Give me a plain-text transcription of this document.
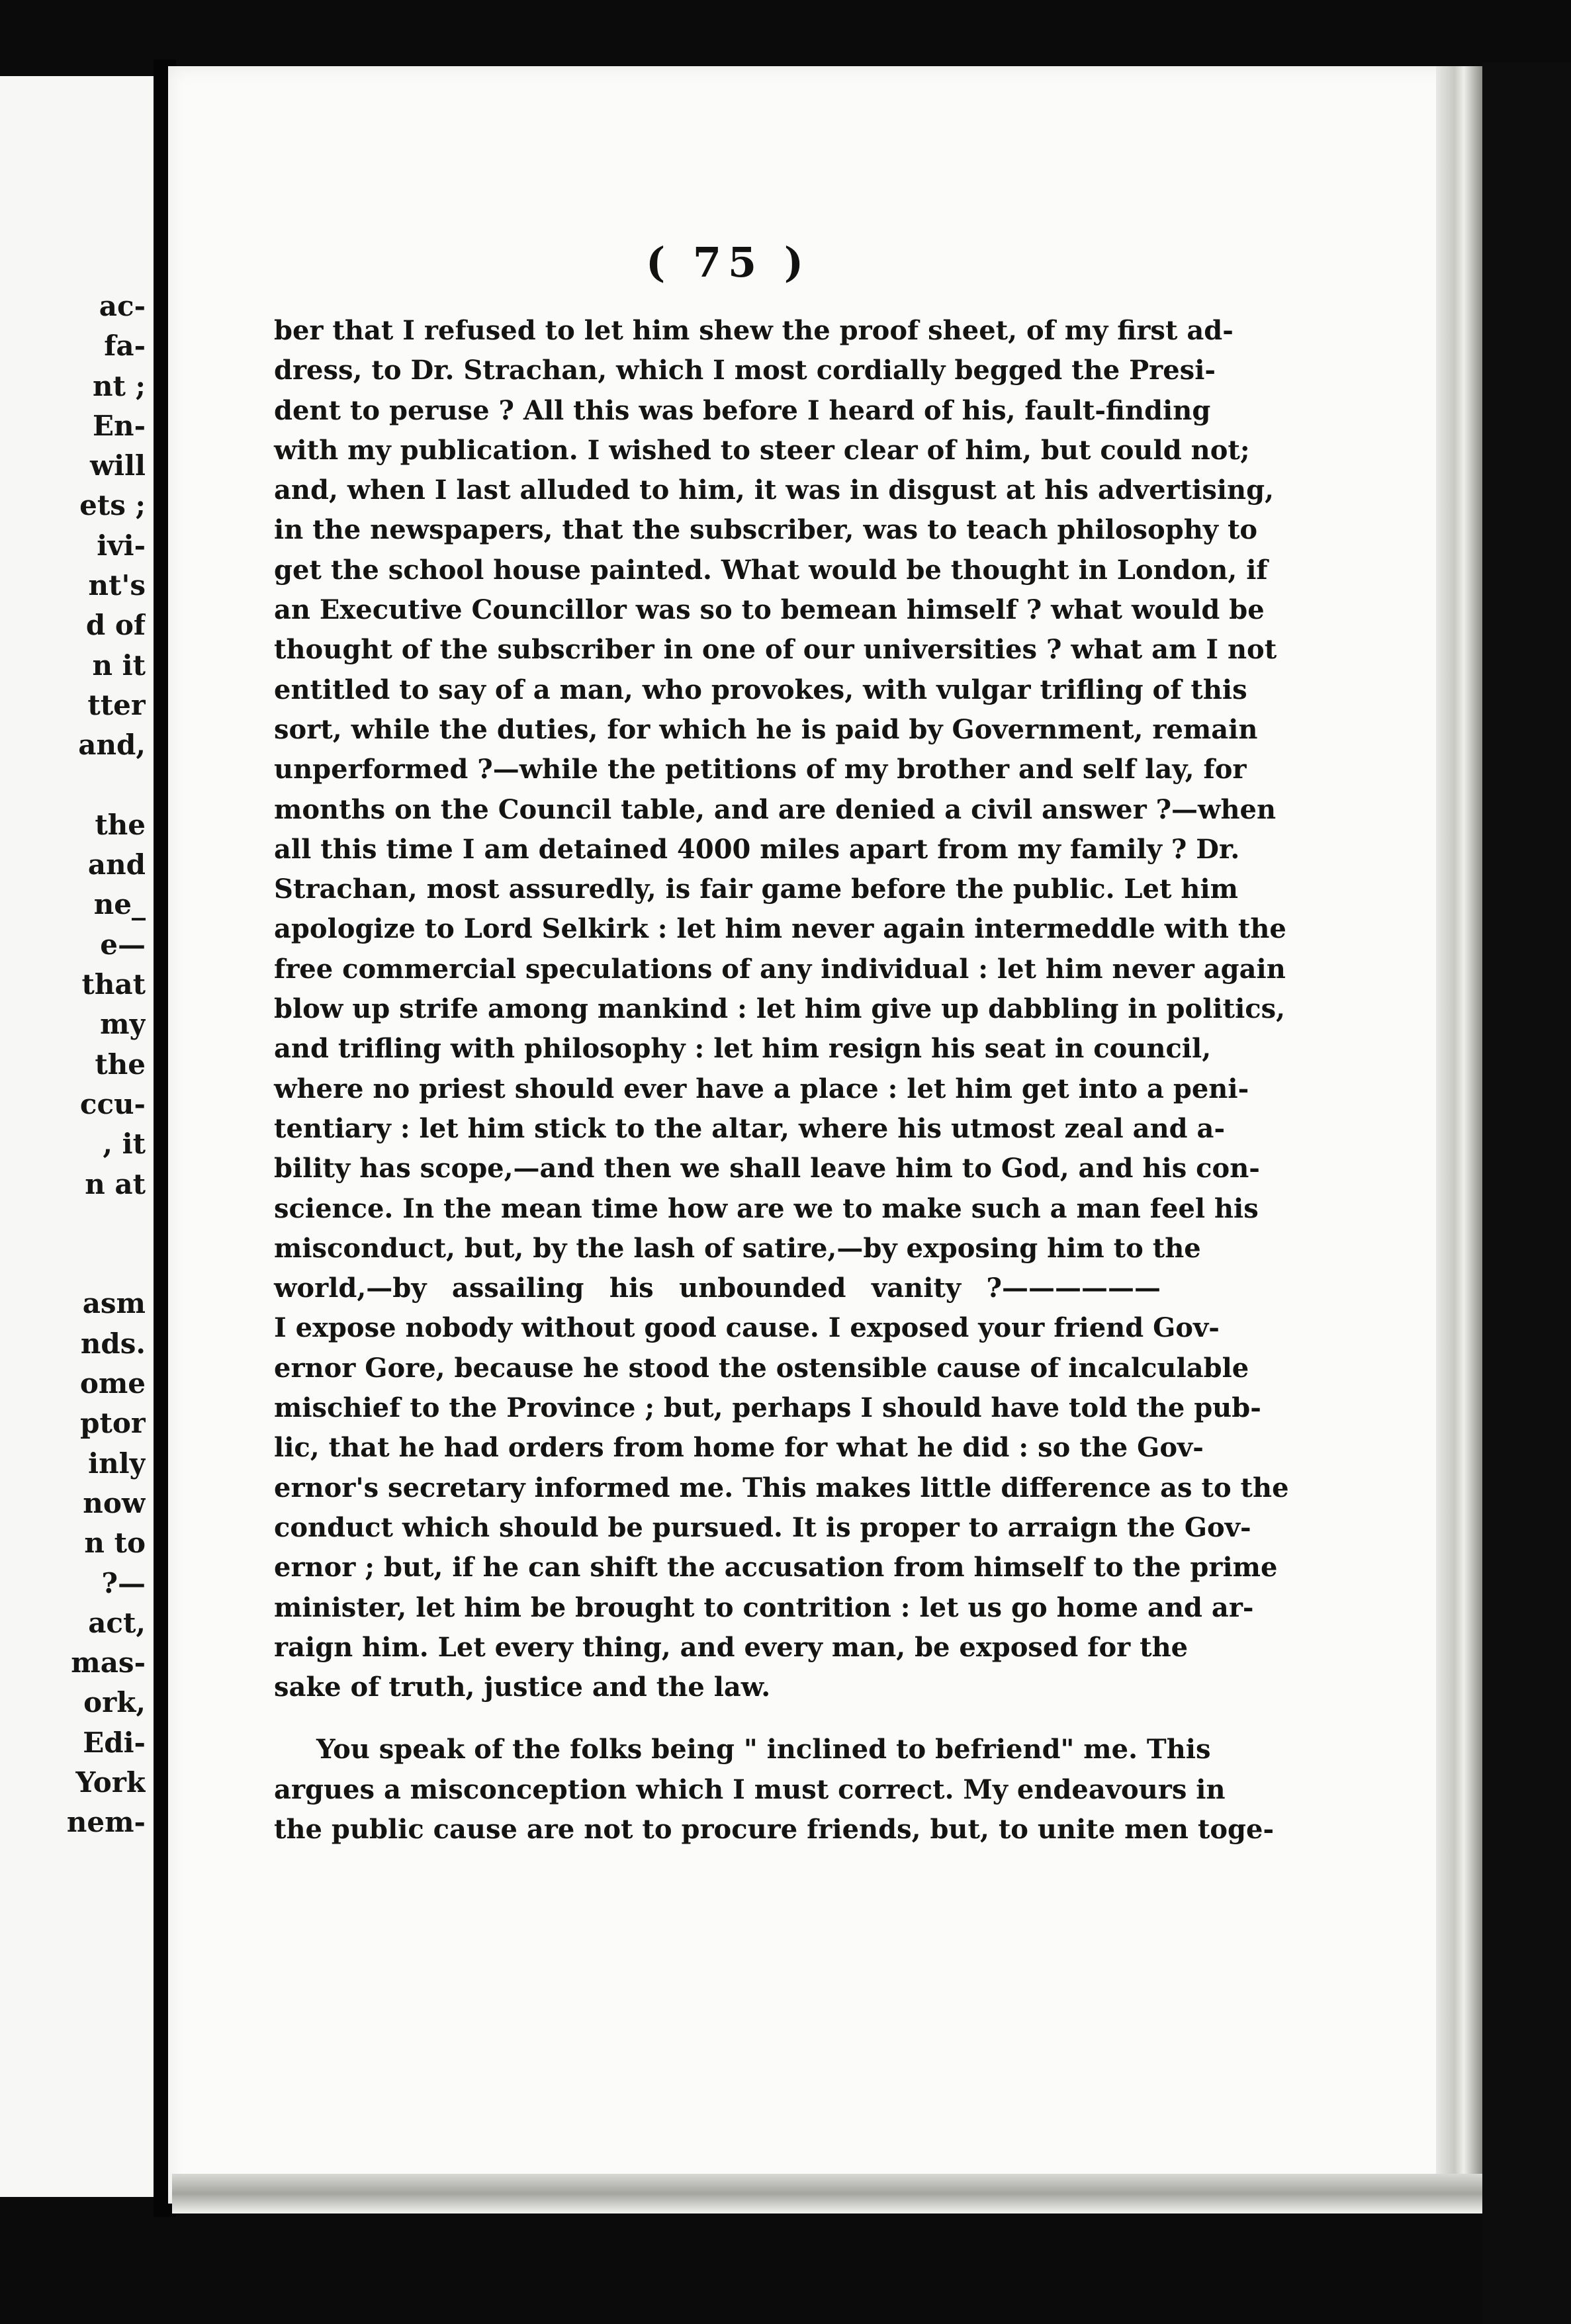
ac-
fa-
nt ;
En-
will
ets ;
ivi-
nt's
d of
n it
tter
and,
the
and
ne_
e—
that
my
the
ccu-
, it
n at
asm
nds.
ome
ptor
inly
now
n to
?—
act,
mas-
ork,
Edi-
York
nem-
( 75 )
ber that I refused to let him shew the proof sheet, of my first ad-
dress, to Dr. Strachan, which I most cordially begged the Presi-
dent to peruse ? All this was before I heard of his, fault-finding
with my publication. I wished to steer clear of him, but could not;
and, when I last alluded to him, it was in disgust at his advertising,
in the newspapers, that the subscriber, was to teach philosophy to
get the school house painted. What would be thought in London, if
an Executive Councillor was so to bemean himself ? what would be
thought of the subscriber in one of our universities ? what am I not
entitled to say of a man, who provokes, with vulgar trifling of this
sort, while the duties, for which he is paid by Government, remain
unperformed ?—while the petitions of my brother and self lay, for
months on the Council table, and are denied a civil answer ?—when
all this time I am detained 4000 miles apart from my family ? Dr.
Strachan, most assuredly, is fair game before the public. Let him
apologize to Lord Selkirk : let him never again intermeddle with the
free commercial speculations of any individual : let him never again
blow up strife among mankind : let him give up dabbling in politics,
and trifling with philosophy : let him resign his seat in council,
where no priest should ever have a place : let him get into a peni-
tentiary : let him stick to the altar, where his utmost zeal and a-
bility has scope,—and then we shall leave him to God, and his con-
science. In the mean time how are we to make such a man feel his
misconduct, but, by the lash of satire,—by exposing him to the
world,—by assailing his unbounded vanity ?——————
I expose nobody without good cause. I exposed your friend Gov-
ernor Gore, because he stood the ostensible cause of incalculable
mischief to the Province ; but, perhaps I should have told the pub-
lic, that he had orders from home for what he did : so the Gov-
ernor's secretary informed me. This makes little difference as to the
conduct which should be pursued. It is proper to arraign the Gov-
ernor ; but, if he can shift the accusation from himself to the prime
minister, let him be brought to contrition : let us go home and ar-
raign him. Let every thing, and every man, be exposed for the
sake of truth, justice and the law.
You speak of the folks being " inclined to befriend" me. This
argues a misconception which I must correct. My endeavours in
the public cause are not to procure friends, but, to unite men toge-
